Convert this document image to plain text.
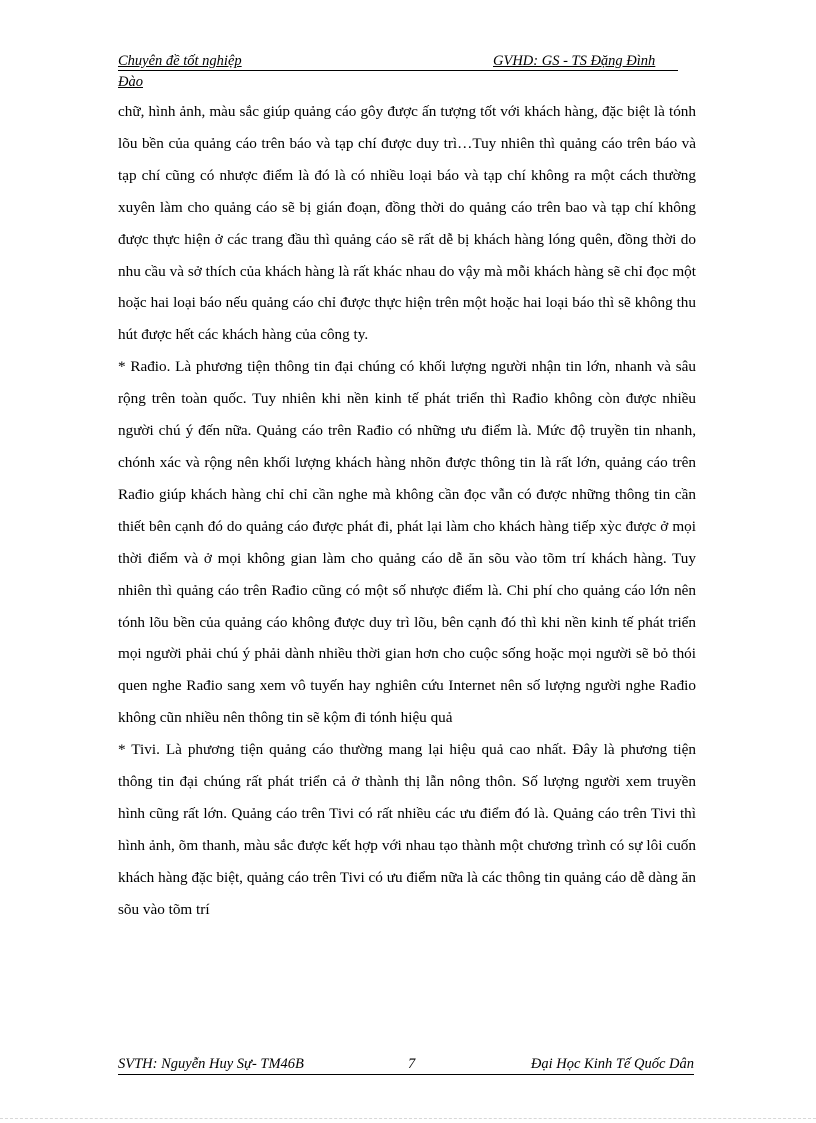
Chuyên đề tốt nghiệp	GVHD: GS - TS Đặng Đình
Đào

chữ, hình ảnh, màu sắc giúp quảng cáo gôy được ấn tượng tốt với khách hàng, đặc biệt là tónh lõu bền của quảng cáo trên báo và tạp chí được duy trì…Tuy nhiên thì quảng cáo trên báo và tạp chí cũng có nhược điểm là đó là có nhiều loại báo và tạp chí không ra một cách thường xuyên làm cho quảng cáo sẽ bị gián đoạn, đồng thời do quảng cáo trên bao và tạp chí không được thực hiện ở các trang đầu thì quảng cáo sẽ rất dễ bị khách hàng lóng quên, đồng thời do nhu cầu và sở thích của khách hàng là rất khác nhau do vậy mà mỗi khách hàng sẽ chỉ đọc một hoặc hai loại báo nếu quảng cáo chỉ được thực hiện trên một hoặc hai loại báo thì sẽ không thu hút được hết các khách hàng của công ty.

* Rađio. Là phương tiện thông tin đại chúng có khối lượng người nhận tin lớn, nhanh và sâu rộng trên toàn quốc. Tuy nhiên khi nền kinh tế phát triển thì Rađio không còn được nhiều người chú ý đến nữa. Quảng cáo trên Rađio có những ưu điểm là. Mức độ truyền tin nhanh, chónh xác và rộng nên khối lượng khách hàng nhõn được thông tin là rất lớn, quảng cáo trên Rađio giúp khách hàng chỉ chỉ cần nghe mà không cần đọc vẫn có được những thông tin cần thiết bên cạnh đó do quảng cáo được phát đi, phát lại làm cho khách hàng tiếp xỳc được ở mọi thời điểm và ở mọi không gian làm cho quảng cáo dễ ăn sõu vào tõm trí khách hàng. Tuy nhiên thì quảng cáo trên Rađio cũng có một số nhược điểm là. Chi phí cho quảng cáo lớn nên tónh lõu bền của quảng cáo không được duy trì lõu, bên cạnh đó thì khi nền kinh tế phát triển mọi người phải chú ý phải dành nhiều thời gian hơn cho cuộc sống hoặc mọi người sẽ bỏ thói quen nghe Rađio sang xem vô tuyến hay nghiên cứu Internet nên số lượng người nghe Rađio không cũn nhiều nên thông tin sẽ kộm đi tónh hiệu quả

* Tivi. Là phương tiện quảng cáo thường mang lại hiệu quả cao nhất. Đây là phương tiện thông tin đại chúng rất phát triển cả ở thành thị lẫn nông thôn. Số lượng người xem truyền hình cũng rất lớn. Quảng cáo trên Tivi có rất nhiều các ưu điểm đó là. Quảng cáo trên Tivi thì hình ảnh, õm thanh, màu sắc được kết hợp với nhau tạo thành một chương trình có sự lôi cuốn khách hàng đặc biệt, quảng cáo trên Tivi có ưu điểm nữa là các thông tin quảng cáo dễ dàng ăn sõu vào tõm trí

SVTH: Nguyễn Huy Sự- TM46B	7	Đại Học Kinh Tế Quốc Dân
